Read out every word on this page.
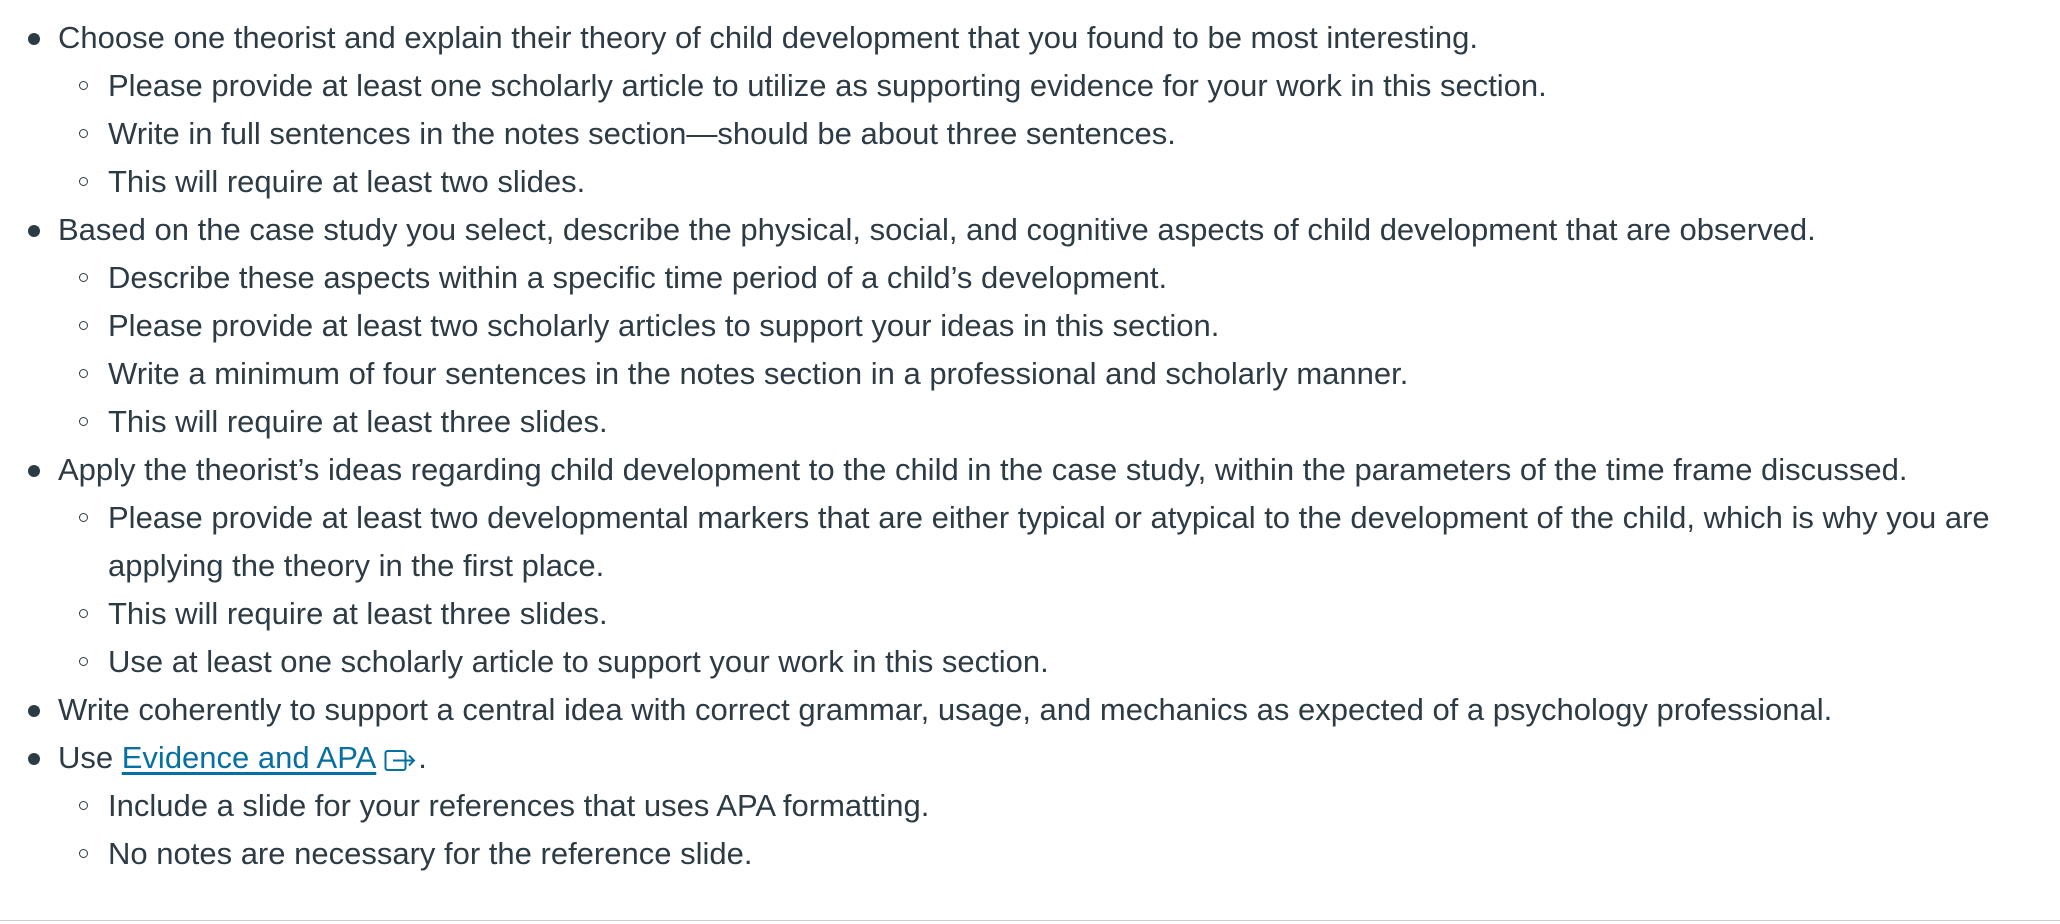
Choose one theorist and explain their theory of child development that you found to be most interesting.
Please provide at least one scholarly article to utilize as supporting evidence for your work in this section.
Write in full sentences in the notes section—should be about three sentences.
This will require at least two slides.
Based on the case study you select, describe the physical, social, and cognitive aspects of child development that are observed.
Describe these aspects within a specific time period of a child’s development.
Please provide at least two scholarly articles to support your ideas in this section.
Write a minimum of four sentences in the notes section in a professional and scholarly manner.
This will require at least three slides.
Apply the theorist’s ideas regarding child development to the child in the case study, within the parameters of the time frame discussed.
Please provide at least two developmental markers that are either typical or atypical to the development of the child, which is why you are applying the theory in the first place.
This will require at least three slides.
Use at least one scholarly article to support your work in this section.
Write coherently to support a central idea with correct grammar, usage, and mechanics as expected of a psychology professional.
Use Evidence and APA .
Include a slide for your references that uses APA formatting.
No notes are necessary for the reference slide.
